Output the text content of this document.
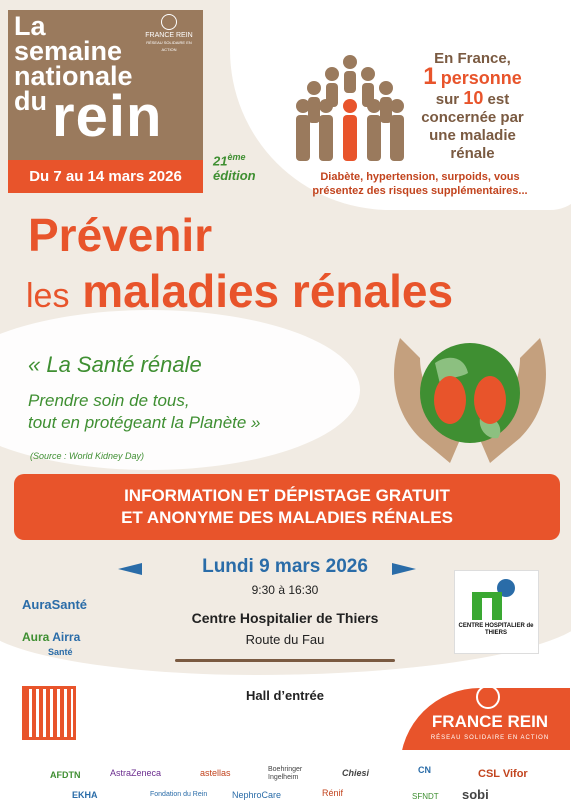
La
semaine
nationale
du rein
FRANCE REIN
RÉSEAU SOLIDAIRE EN ACTION
Du 7 au 14 mars 2026
21ème
édition
En France,
1 personne
sur 10 est
concernée par
une maladie
rénale
Diabète, hypertension, surpoids, vous présentez des risques supplémentaires...
Prévenir
les maladies rénales
« La Santé rénale
Prendre soin de tous,
tout en protégeant la Planète »
(Source : World Kidney Day)
INFORMATION ET DÉPISTAGE GRATUIT
ET ANONYME DES MALADIES RÉNALES
Lundi 9 mars 2026
9:30 à 16:30
Centre Hospitalier de Thiers
Route du Fau
Hall d’entrée
AuraSanté
Aura Airra
Santé
CENTRE HOSPITALIER de THIERS
FRANCE REIN
RÉSEAU SOLIDAIRE EN ACTION
AFDTN	AstraZeneca	astellas	Boehringer Ingelheim	Chiesi	CN	CSL Vifor
EKHA	Fondation du Rein	NephroCare	Rénif	SFNDT sobi
